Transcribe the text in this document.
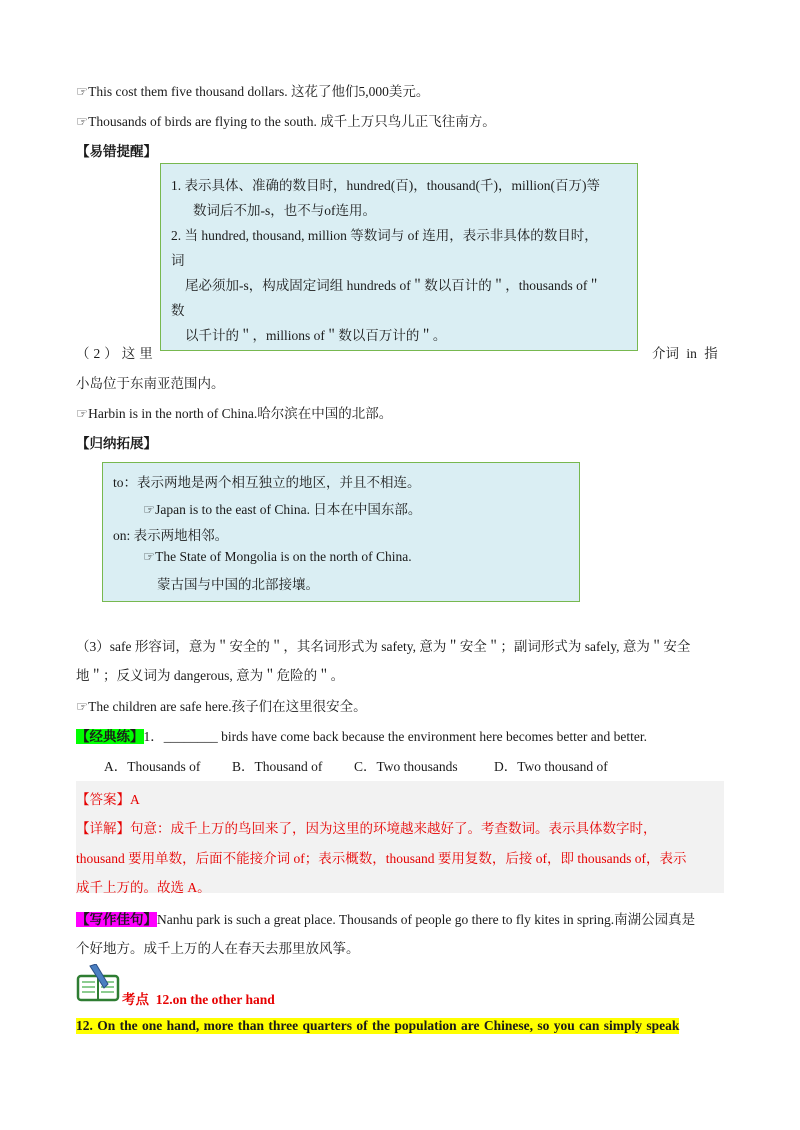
☞This cost them five thousand dollars. 这花了他们5,000美元。
☞Thousands of birds are flying to the south. 成千上万只鸟儿正飞往南方。
【易错提醒】
1. 表示具体、准确的数目时，hundred(百)，thousand(千)，million(百万)等
数词后不加-s，也不与of连用。
2. 当 hundred, thousand, million 等数词与 of 连用，表示非具体的数目时，
词
尾必须加-s，构成固定词组 hundreds of＂数以百计的＂，thousands of＂
数
以千计的＂，millions of＂数以百万计的＂。
（2）这里	介词 in 指
小岛位于东南亚范围内。
☞Harbin is in the north of China.哈尔滨在中国的北部。
【归纳拓展】
to：表示两地是两个相互独立的地区，并且不相连。
☞Japan is to the east of China. 日本在中国东部。
on: 表示两地相邻。
☞The State of Mongolia is on the north of China.
蒙古国与中国的北部接壤。
（3）safe 形容词，意为＂安全的＂，其名词形式为 safety, 意为＂安全＂；副词形式为 safely, 意为＂安全
地＂；反义词为 dangerous, 意为＂危险的＂。
☞The children are safe here.孩子们在这里很安全。
【经典练】1．________ birds have come back because the environment here becomes better and better.
A．Thousands of B．Thousand of C．Two thousands	D．Two thousand of
【答案】A
【详解】句意：成千上万的鸟回来了，因为这里的环境越来越好了。考查数词。表示具体数字时，
thousand 要用单数，后面不能接介词 of；表示概数，thousand 要用复数，后接 of，即 thousands of，表示
成千上万的。故选 A。
【写作佳句】Nanhu park is such a great place. Thousands of people go there to fly kites in spring.南湖公园真是
个好地方。成千上万的人在春天去那里放风筝。
考点 12.on the other hand
12. On the one hand, more than three quarters of the population are Chinese, so you can simply speak
